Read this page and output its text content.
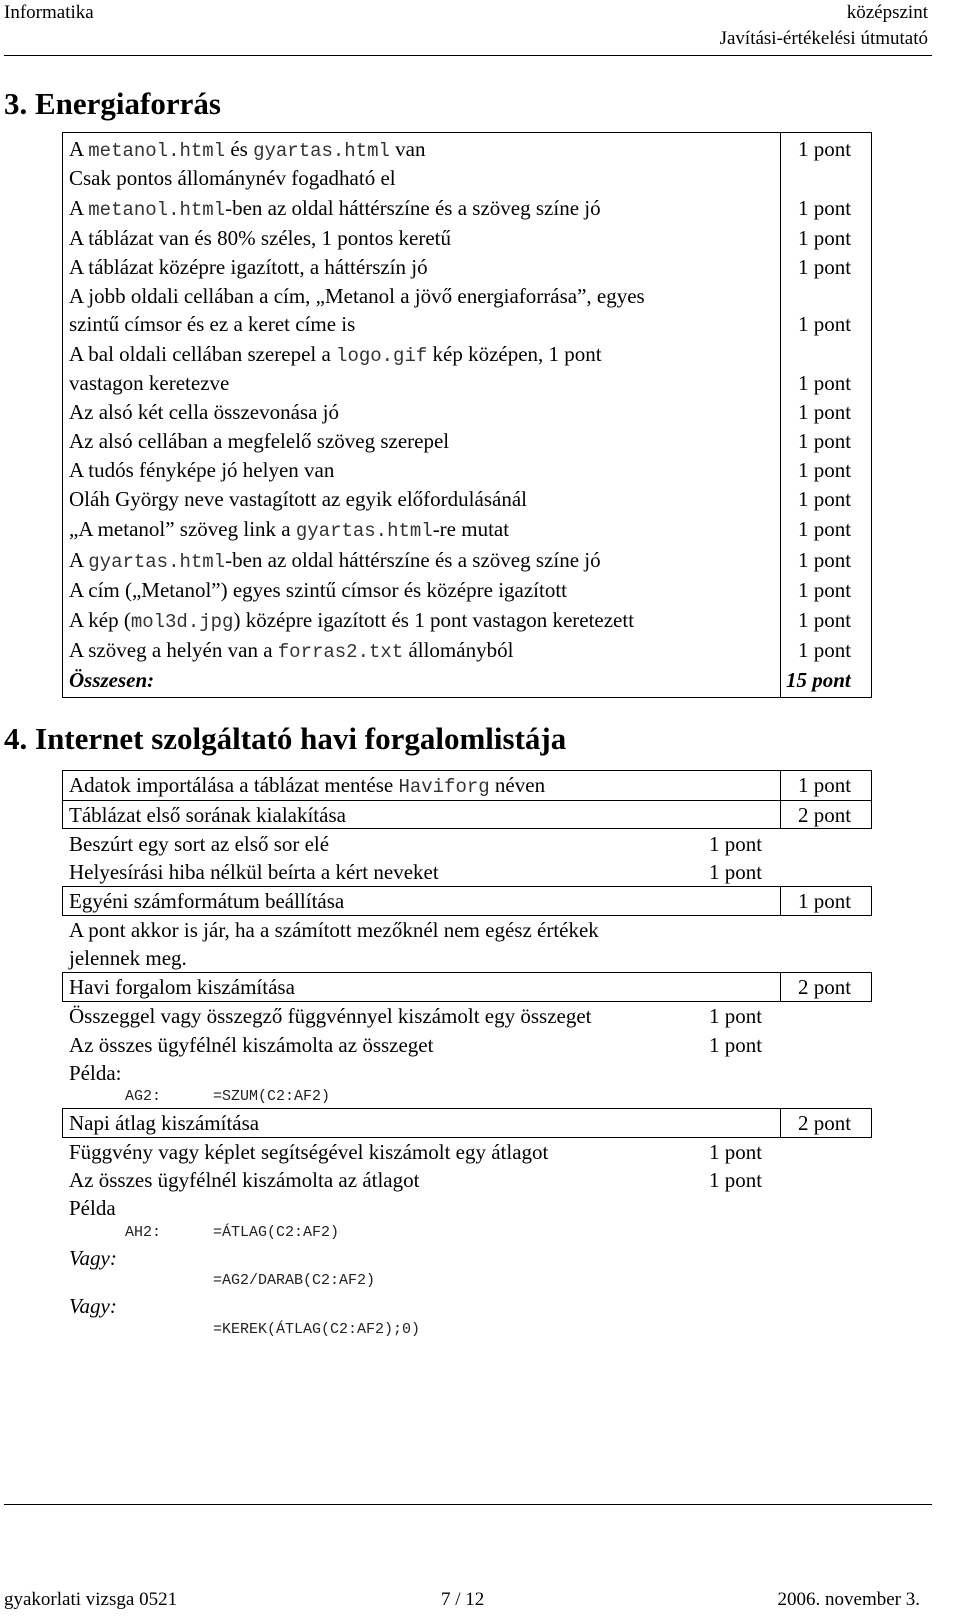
Informatika	középszint
Javítási-értékelési útmutató
3. Energiaforrás
A metanol.html és gyartas.html van	1 pont
Csak pontos állománynév fogadható el
A metanol.html-ben az oldal háttérszíne és a szöveg színe jó	1 pont
A táblázat van és 80% széles, 1 pontos keretű	1 pont
A táblázat középre igazított, a háttérszín jó	1 pont
A jobb oldali cellában a cím, „Metanol a jövő energiaforrása”, egyes
szintű címsor és ez a keret címe is	1 pont
A bal oldali cellában szerepel a logo.gif kép középen, 1 pont
vastagon keretezve	1 pont
Az alsó két cella összevonása jó	1 pont
Az alsó cellában a megfelelő szöveg szerepel	1 pont
A tudós fényképe jó helyen van	1 pont
Oláh György neve vastagított az egyik előfordulásánál	1 pont
„A metanol” szöveg link a gyartas.html-re mutat	1 pont
A gyartas.html-ben az oldal háttérszíne és a szöveg színe jó	1 pont
A cím („Metanol”) egyes szintű címsor és középre igazított	1 pont
A kép (mol3d.jpg) középre igazított és 1 pont vastagon keretezett	1 pont
A szöveg a helyén van a forras2.txt állományból	1 pont
Összesen:	15 pont
4. Internet szolgáltató havi forgalomlistája
Adatok importálása a táblázat mentése Haviforg néven	1 pont
Táblázat első sorának kialakítása	2 pont
Beszúrt egy sort az első sor elé	1 pont
Helyesírási hiba nélkül beírta a kért neveket	1 pont
Egyéni számformátum beállítása	1 pont
A pont akkor is jár, ha a számított mezőknél nem egész értékek
jelennek meg.
Havi forgalom kiszámítása	2 pont
Összeggel vagy összegző függvénnyel kiszámolt egy összeget	1 pont
Az összes ügyfélnél kiszámolta az összeget	1 pont
Példa:
AG2:	=SZUM(C2:AF2)
Napi átlag kiszámítása	2 pont
Függvény vagy képlet segítségével kiszámolt egy átlagot	1 pont
Az összes ügyfélnél kiszámolta az átlagot	1 pont
Példa
AH2:	=ÁTLAG(C2:AF2)
Vagy:
=AG2/DARAB(C2:AF2)
Vagy:
=KEREK(ÁTLAG(C2:AF2);0)
gyakorlati vizsga 0521	7 / 12	2006. november 3.
